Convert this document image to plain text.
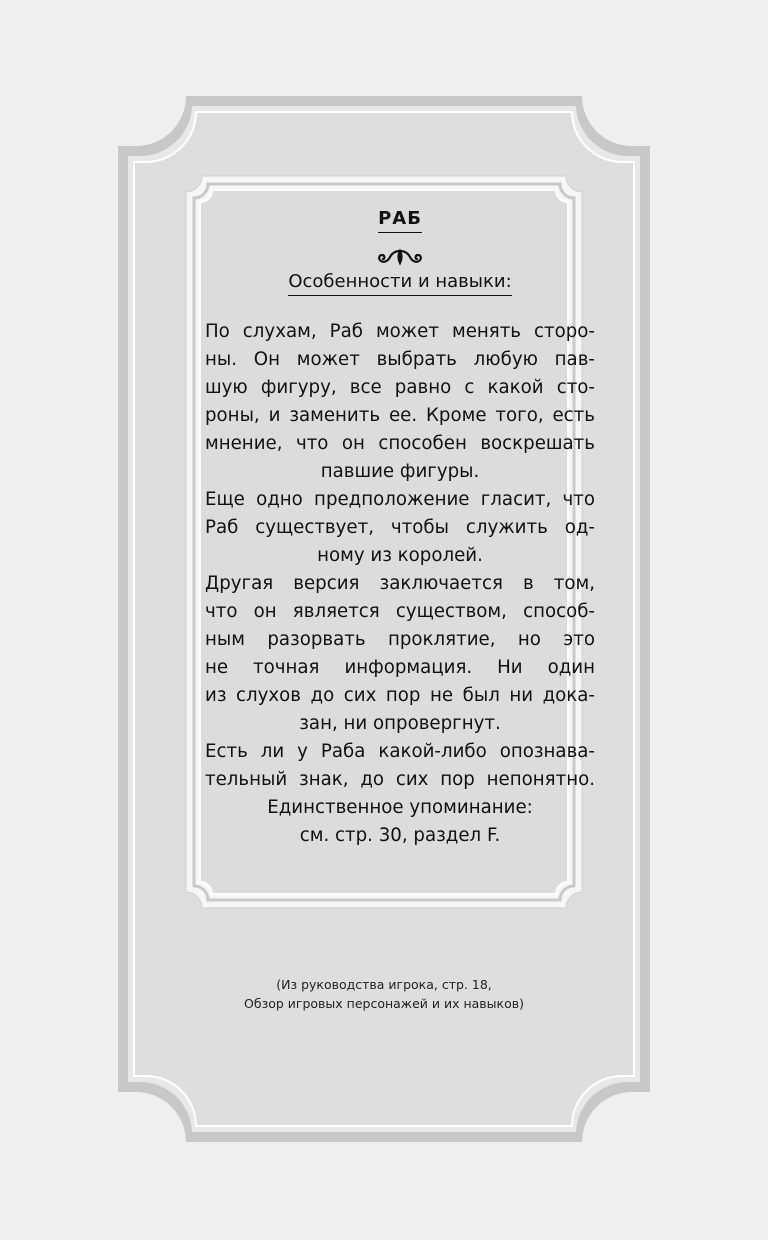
РАБ
Особенности и навыки:

По слухам, Раб может менять сторо-
ны. Он может выбрать любую пав-
шую фигуру, все равно с какой сто-
роны, и заменить ее. Кроме того, есть
мнение, что он способен воскрешать
павшие фигуры.

Еще одно предположение гласит, что
Раб существует, чтобы служить од-
ному из королей.

Другая версия заключается в том,
что он является существом, способ-
ным разорвать проклятие, но это
не точная информация. Ни один
из слухов до сих пор не был ни дока-
зан, ни опровергнут.

Есть ли у Раба какой-либо опознава-
тельный знак, до сих пор непонятно.

Единственное упоминание:
см. стр. 30, раздел F.
(Из руководства игрока, стр. 18,
Обзор игровых персонажей и их навыков)
